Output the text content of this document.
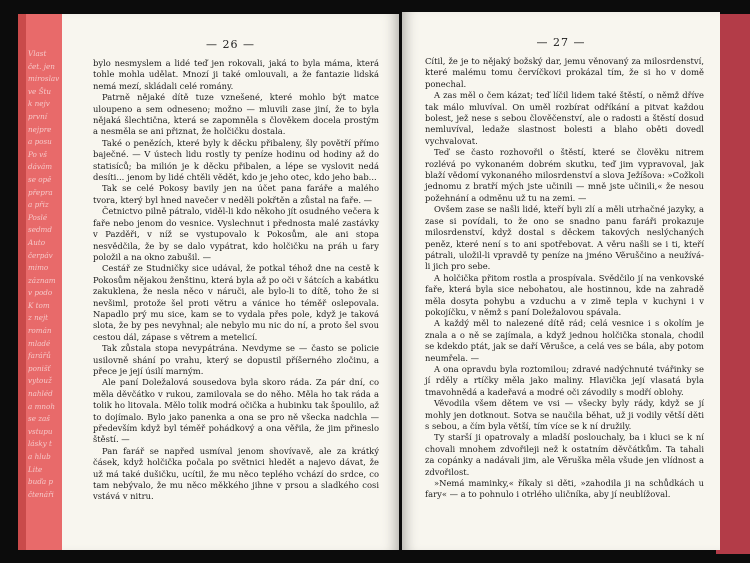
Vlast
čet. jen
miroslav
ve Štu
k nejv
první
nejpre
a posu
Po vš
dávám
se opě
přepra
a přiz
Poslé
sedmd
Auto
čerpáv
mimo
záznam
v podo
K tom
z nejt
román
mladé
farářů
ponišť
vytouž
nahléd
a mnoh
se zaš
vstupu
lásky t
a hlub
Lite
buďa p
čtenáři
— 26 —

bylo nesmyslem a lidé teď jen rokovali, jaká to byla máma, která tohle mohla udělat. Mnozí ji také omlouvali, a že fantazie lidská nemá mezí, skládali celé romány.

Patrně nějaké dítě tuze vznešené, které mohlo být matce uloupeno a sem odneseno; možno — mluvili zase jiní, že to byla nějaká šlechtična, která se zapomněla s člověkem docela prostým a nesměla se ani přiznat, že holčičku dostala.

Také o penězích, které byly k děcku přibaleny, šly povětří přímo baječné. — V ústech lidu rostly ty peníze hodinu od hodiny až do statisíců; ba milión je k děcku přibalen, a lépe se vyslovit nedá desíti... jenom by lidé chtěli vědět, kdo je jeho otec, kdo jeho bab...

Tak se celé Pokosy bavily jen na účet pana faráře a malého tvora, který byl hned navečer v neděli pokřtěn a zůstal na faře. —

Četnictvo pilně pátralo, viděl-li kdo někoho jít osudného večera k faře nebo jenom do vesnice. Vyslechnut i přednosta malé zastávky v Pazděři, v níž se vystupovalo k Pokosům, ale ani stopa nesvědčila, že by se dalo vypátrat, kdo holčičku na práh u fary položil a na okno zabušil. —

Cestář ze Studničky sice udával, že potkal téhož dne na cestě k Pokosům nějakou ženštinu, která byla až po oči v šátcích a kabátku zakuklena, že nesla něco v náruči, ale bylo-li to dítě, toho že si nevšiml, protože šel proti větru a vánice ho téměř oslepovala. Napadlo prý mu sice, kam se to vydala přes pole, když je taková slota, že by pes nevyhnal; ale nebylo mu nic do ní, a proto šel svou cestou dál, zápase s větrem a metelicí.

Tak zůstala stopa nevypátrána. Nevdyme se — často se policie usilovně shání po vrahu, který se dopustil příšerného zločinu, a přece je její úsilí marným.

Ale paní Doležalová sousedova byla skoro ráda. Za pár dní, co měla děvčátko v rukou, zamilovala se do něho. Měla ho tak ráda a tolik ho litovala. Mělo tolik modrá očička a hubinku tak špoulilo, až to dojímalo. Bylo jako panenka a ona se pro ně všecka nadchla — především když byl téměř pohádkový a ona věřila, že jim přineslo štěstí. —

Pan farář se napřed usmíval jenom shovívavě, ale za krátký čásek, když holčička počala po světnici hledět a najevo dávat, že už má také dušičku, ucítil, že mu něco teplého vchází do srdce, co tam nebývalo, že mu něco měkkého jihne v prsou a sladkého cosi vstává v nitru.

— 27 —

Cítil, že je to nějaký božský dar, jemu věnovaný za milosrdenství, které malému tomu červíčkovi prokázal tím, že si ho v domě ponechal.

A zas měl o čem kázat; teď líčil lidem také štěstí, o němž dříve tak málo mluvíval. On uměl rozbírat odříkání a pitvat každou bolest, jež nese s sebou člověčenství, ale o radosti a štěstí dosud nemluvíval, ledaže slastnost bolesti a blaho oběti dovedl vychvalovat.

Teď se často rozhovořil o štěstí, které se člověku nitrem rozlévá po vykonaném dobrém skutku, teď jim vypravoval, jak blaží vědomí vykonaného milosrdenství a slova Ježíšova: »Cožkoli jednomu z bratří mých jste učinili — mně jste učinili,« že nesou požehnání a odměnu už tu na zemi. —

Ovšem zase se našli lidé, kteří byli zlí a měli utrhačné jazyky, a zase si povídali, to že ono se snadno panu faráři prokazuje milosrdenství, když dostal s děckem takových neslýchaných peněz, které není s to ani spotřebovat. A věru našli se i ti, kteří pátrali, uložil-li vpravdě ty peníze na jméno Věruščino a neužívá-li jich pro sebe.

A holčička přitom rostla a prospívala. Svědčilo jí na venkovské faře, která byla sice nebohatou, ale hostinnou, kde na zahradě měla dosyta pohybu a vzduchu a v zimě tepla v kuchyni i v pokojíčku, v němž s paní Doležalovou spávala.

A každý měl to nalezené dítě rád; celá vesnice i s okolím je znala a o ně se zajímala, a když jednou holčička stonala, chodil se kdekdo ptát, jak se daří Věrušce, a celá ves se bála, aby potom neumřela. —

A ona opravdu byla roztomilou; zdravé nadýchnuté tvářinky se jí rděly a rtíčky měla jako maliny. Hlavička její vlasatá byla tmavohnědá a kadeřavá a modré oči závodily s modří oblohy.

Věvodila všem dětem ve vsi — všecky byly rády, když se jí mohly jen dotknout. Sotva se naučila běhat, už ji vodily větší děti s sebou, a čím byla větší, tím více se k ní družily.

Ty starší ji opatrovaly a mladší poslouchaly, ba i kluci se k ní chovali mnohem zdvořileji než k ostatním děvčátkům. Ta tahali za copánky a nadávali jim, ale Věruška měla všude jen vlídnost a zdvořilost.

»Nemá maminky,« říkaly si děti, »zahodila ji na schůdkách u fary« — a to pohnulo i otrlého uličníka, aby jí neublížoval.
